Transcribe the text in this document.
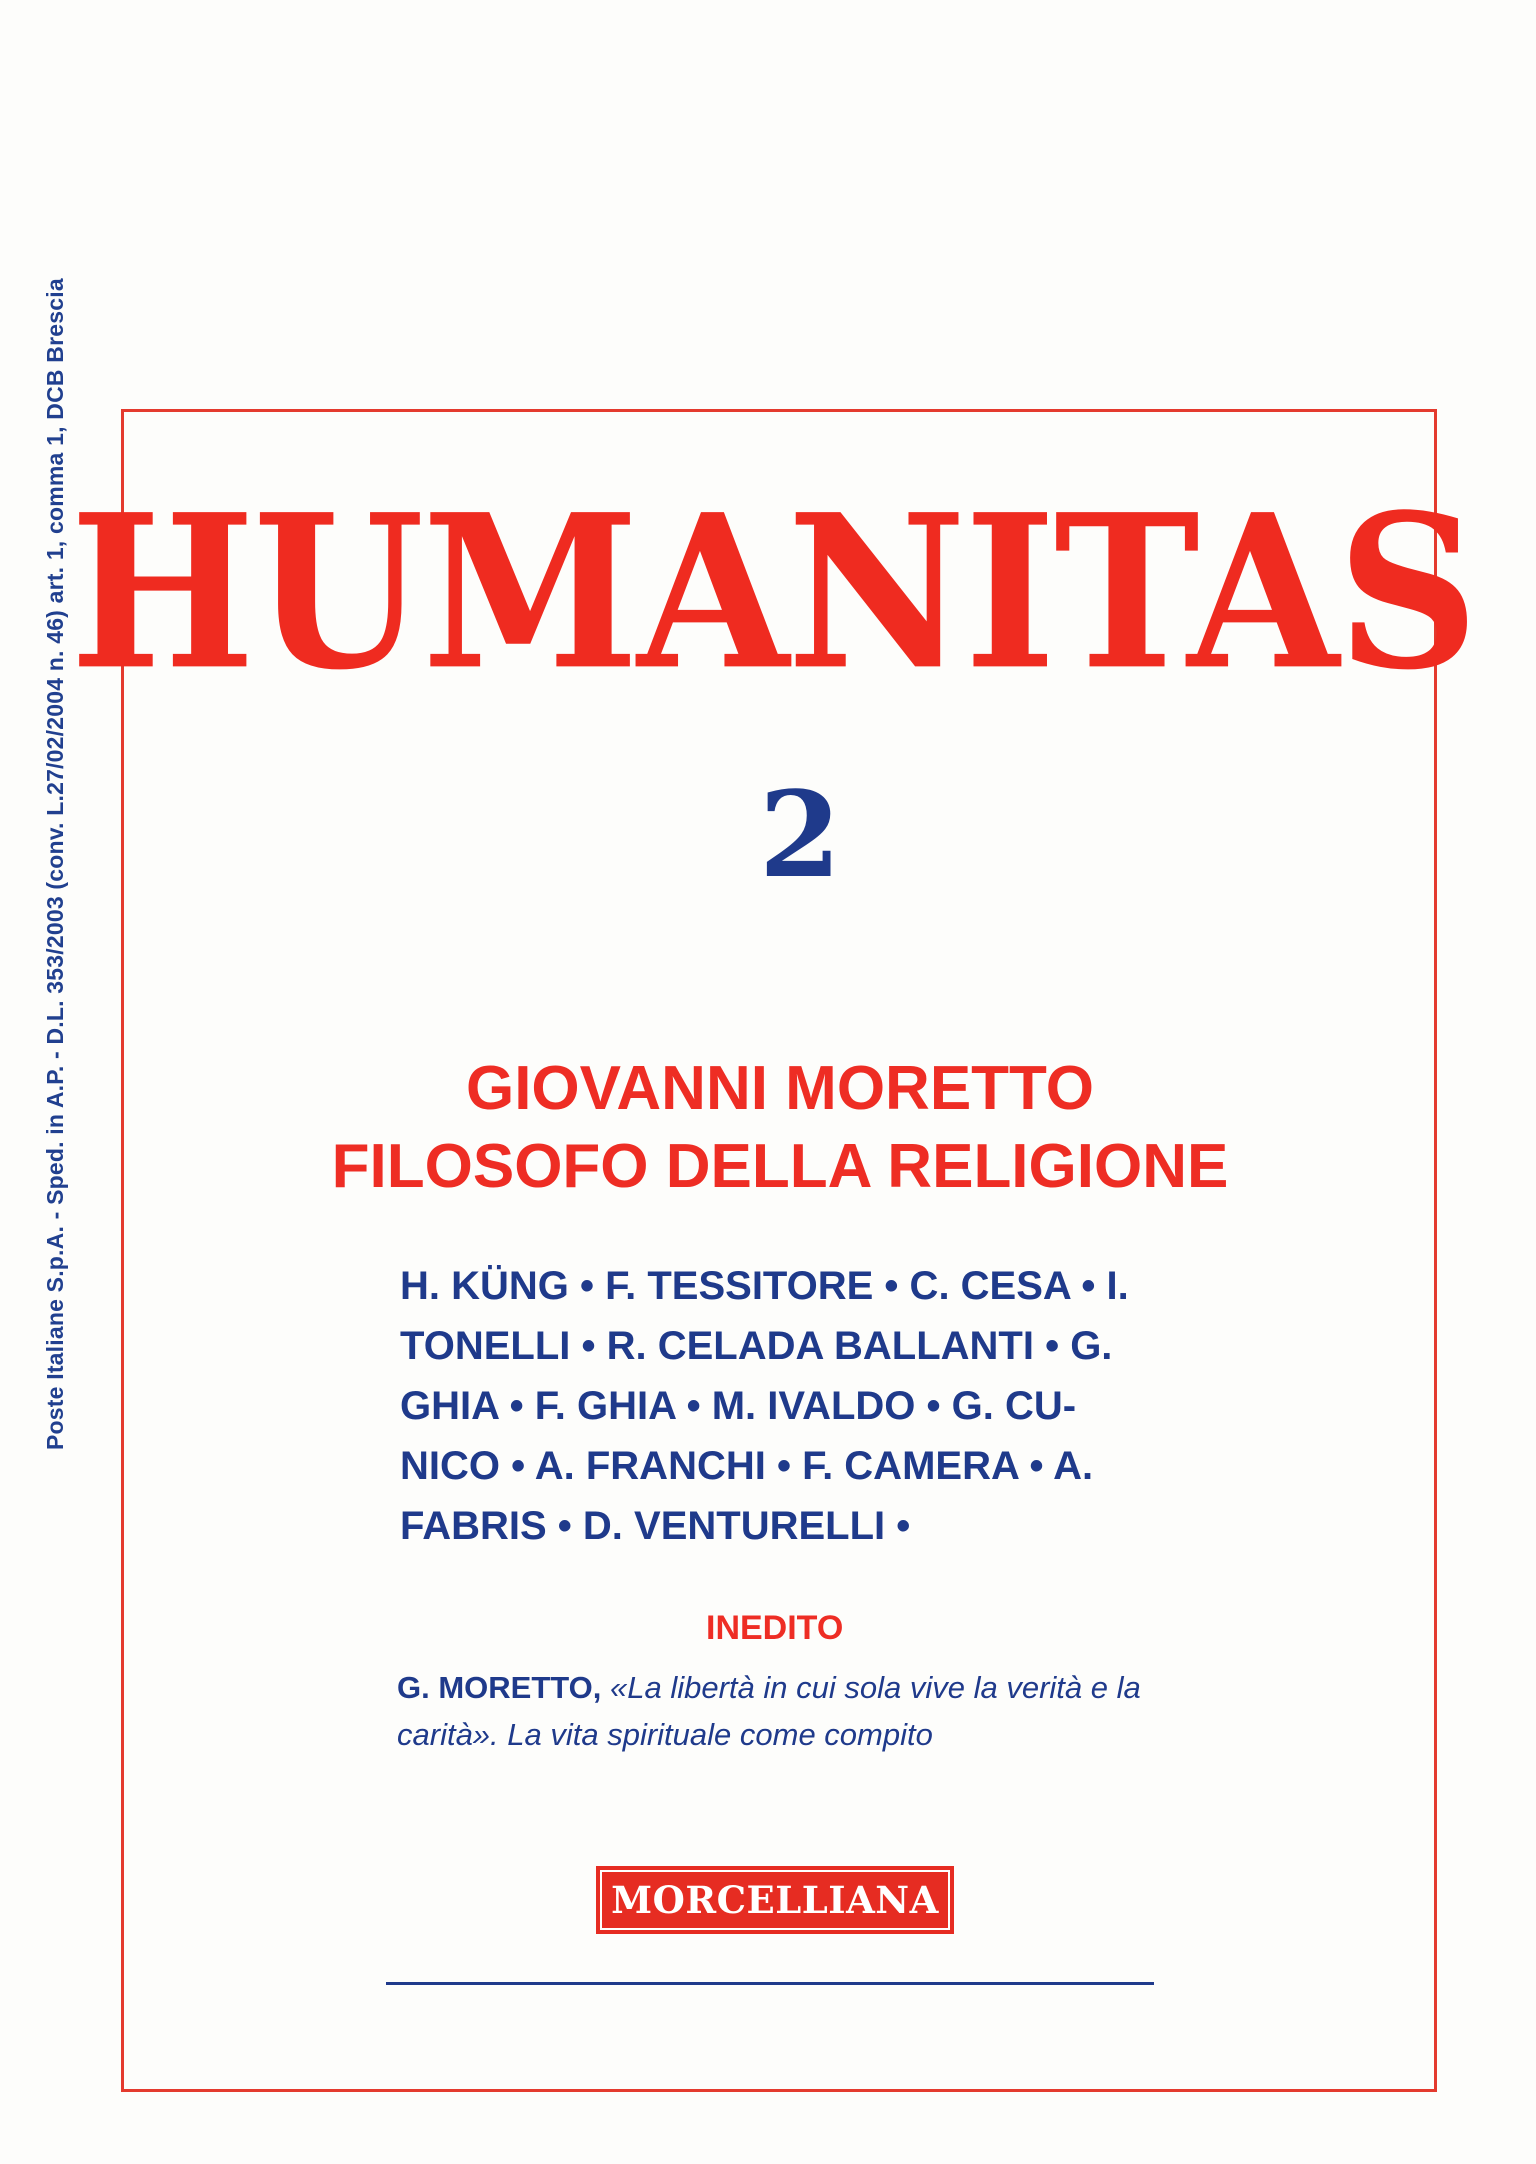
Poste Italiane S.p.A. - Sped. in A.P. - D.L. 353/2003 (conv. L.27/02/2004 n. 46) art. 1, comma 1, DCB Brescia HUMANITAS
2
GIOVANNI MORETTO
FILOSOFO DELLA RELIGIONE
H. KÜNG • F. TESSITORE • C. CESA • I.
TONELLI • R. CELADA BALLANTI • G.
GHIA • F. GHIA • M. IVALDO • G. CU-
NICO • A. FRANCHI • F. CAMERA • A.
FABRIS • D. VENTURELLI •
INEDITO
G. MORETTO, «La libertà in cui sola vive la verità e la carità». La vita spirituale come compito
MORCELLIANA
